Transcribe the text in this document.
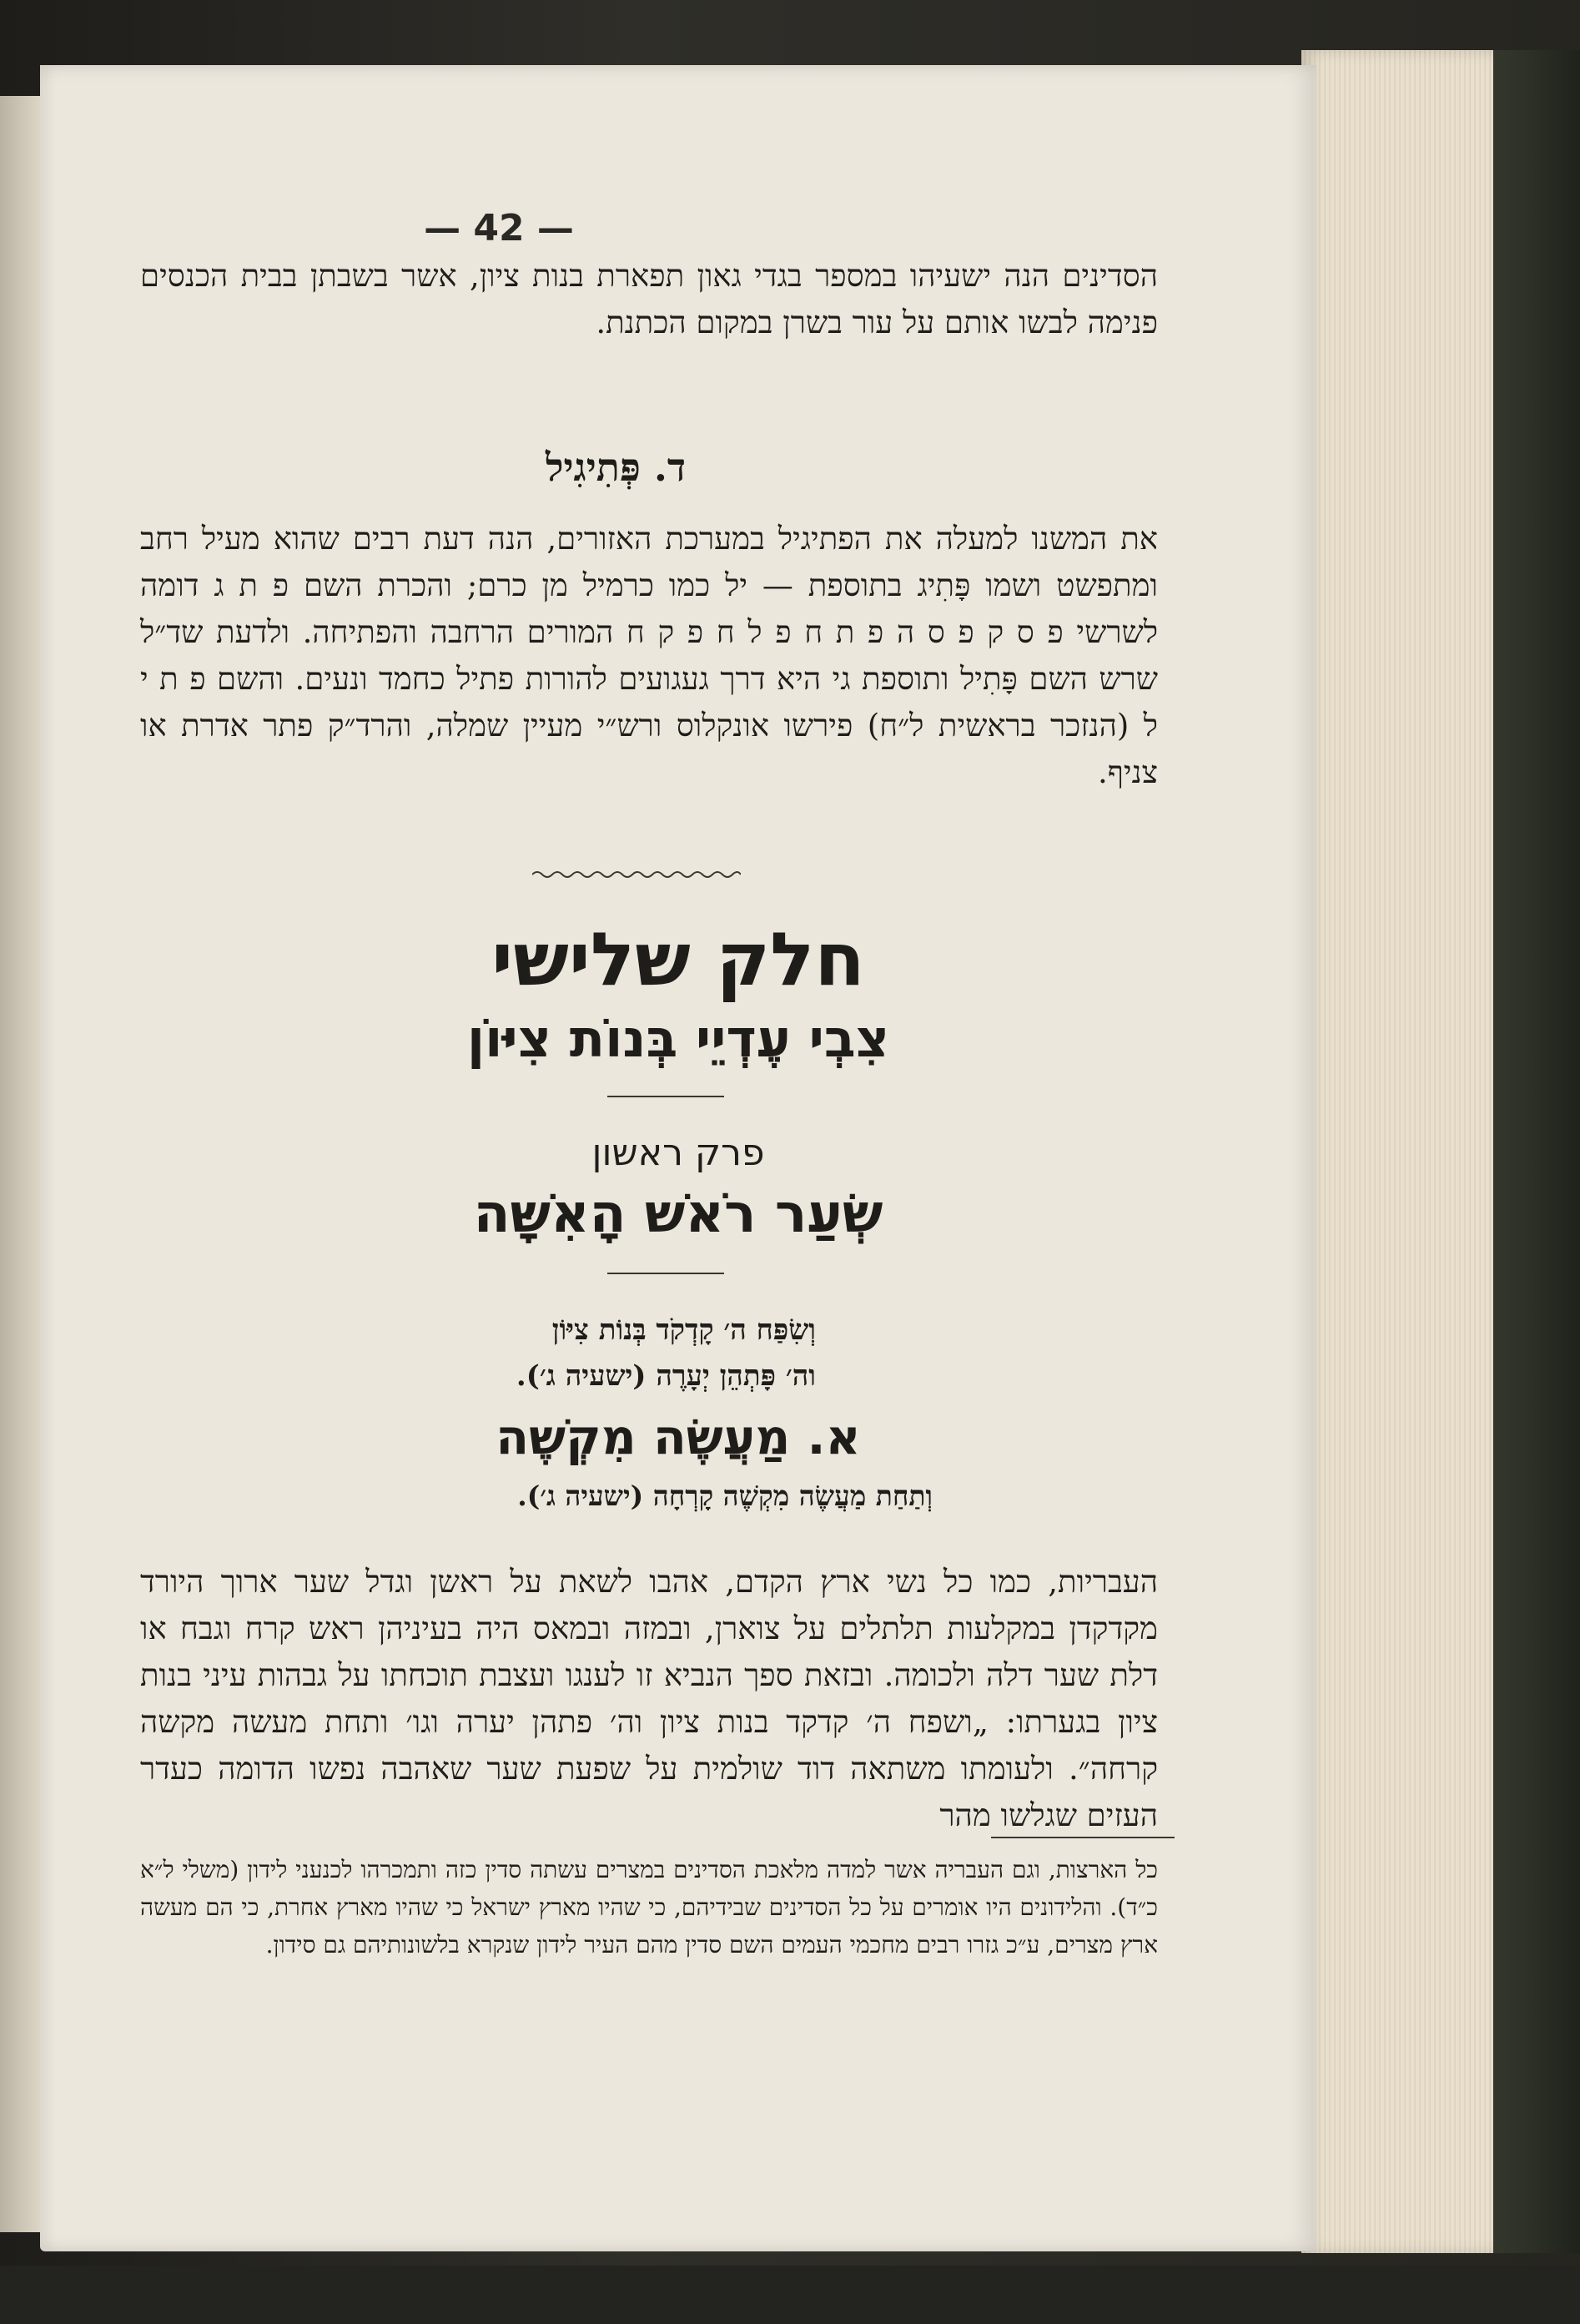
— 42 —
הסדינים הנה ישעיהו במספר בגדי גאון תפארת בנות ציון, אשר בשבתן בבית הכנסים פנימה לבשו אותם על עור בשרן במקום הכתנת.
ד. פְּתִיגִיל
את המשנו למעלה את הפתיגיל במערכת האזורים, הנה דעת רבים שהוא מעיל רחב ומתפשט ושמו פָּתִיג בתוספת — יל כמו כרמיל מן כרם; והכרת השם פ ת ג דומה לשרשי פ ס ק פ ס ה פ ת ח פ ל ח פ ק ח המורים הרחבה והפתיחה. ולדעת שד״ל שרש השם פָּתִיל ותוספת גי היא דרך געגועים להורות פתיל כחמד ונעים. והשם פ ת י ל (הנזכר בראשית ל״ח) פירשו אונקלוס ורש״י מעיין שמלה, והרד״ק פתר אדרת או צניף.
חלק שלישי
צִבְי עֶדְיֵי בְּנוֹת צִיּוֹן
פרק ראשון
שְׂעַר רֹאשׁ הָאִשָּׁה
וְשִׂפַּח ה׳ קָדְקֹד בְּנוֹת צִיּוֹן
וה׳ פָּתְהֵן יְעָרֶה (ישעיה ג׳).
א. מַעֲשֶׂה מִקְשֶׁה
וְתַחַת מַעֲשֶׂה מִקְשֶׁה קָרְחָה (ישעיה ג׳).
העבריות, כמו כל נשי ארץ הקדם, אהבו לשאת על ראשן וגדל שער ארוך היורד מקדקדן במקלעות תלתלים על צוארן, ובמזה ובמאס היה בעיניהן ראש קרח וגבח או דלת שער דלה ולכומה. ובזאת ספך הנביא זו לענגו ועצבת תוכחתו על גבהות עיני בנות ציון בגערתו: „ושפח ה׳ קדקד בנות ציון וה׳ פתהן יערה וגו׳ ותחת מעשה מקשה קרחה״. ולעומתו משתאה דוד שולמית על שפעת שער שאהבה נפשו הדומה כעדר העזים שגלשו מהר
כל הארצות, וגם העבריה אשר למדה מלאכת הסדינים במצרים עשתה סדין כזה ותמכרהו לכנעני לידון (משלי ל״א כ״ד). והלידונים היו אומרים על כל הסדינים שבידיהם, כי שהיו מארץ ישראל כי שהיו מארץ אחרת, כי הם מעשה ארץ מצרים, ע״כ גזרו רבים מחכמי העמים השם סדין מהם העיר לידון שנקרא בלשונותיהם גם סידון.
